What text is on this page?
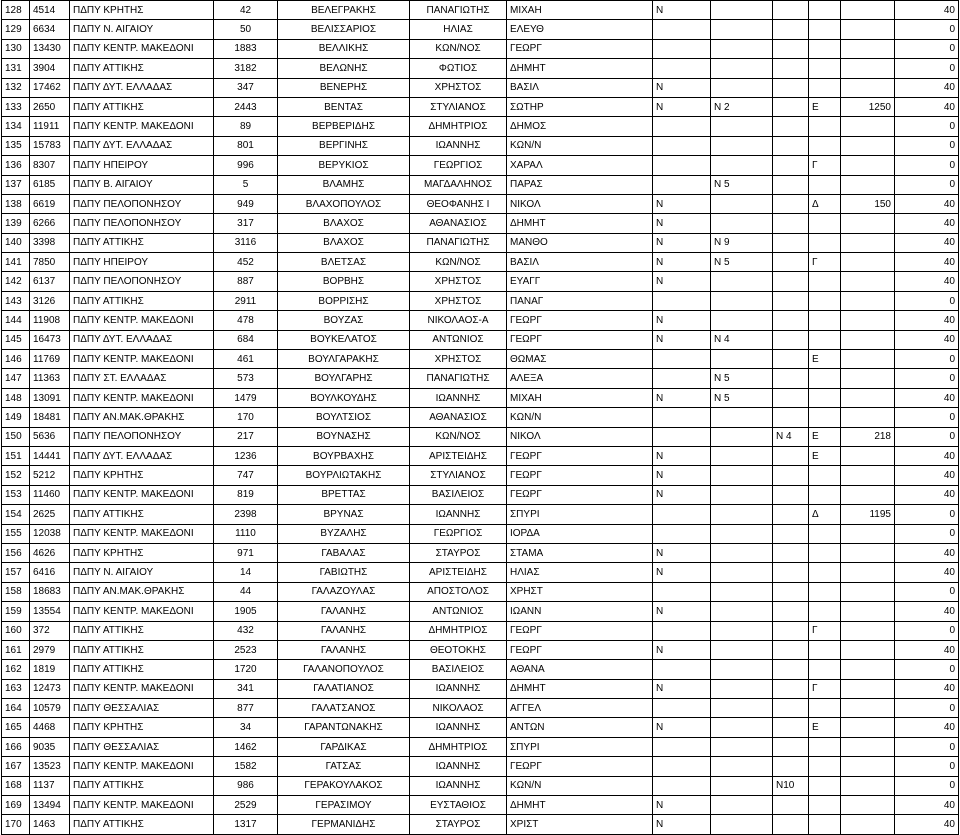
128	4514	ΠΔΠΥ ΚΡΗΤΗΣ	42	ΒΕΛΕΓΡΑΚΗΣ	ΠΑΝΑΓΙΩΤΗΣ	ΜΙΧΑΗ	Ν					40
129	6634	ΠΔΠΥ Ν. ΑΙΓΑΙΟΥ	50	ΒΕΛΙΣΣΑΡΙΟΣ	ΗΛΙΑΣ	ΕΛΕΥΘ						0
130	13430	ΠΔΠΥ ΚΕΝΤΡ. ΜΑΚΕΔΟΝΙ	1883	ΒΕΛΛΙΚΗΣ	ΚΩΝ/ΝΟΣ	ΓΕΩΡΓ						0
131	3904	ΠΔΠΥ ΑΤΤΙΚΗΣ	3182	ΒΕΛΩΝΗΣ	ΦΩΤΙΟΣ	ΔΗΜΗΤ						0
132	17462	ΠΔΠΥ ΔΥΤ. ΕΛΛΑΔΑΣ	347	ΒΕΝΕΡΗΣ	ΧΡΗΣΤΟΣ	ΒΑΣΙΛ	Ν					40
133	2650	ΠΔΠΥ ΑΤΤΙΚΗΣ	2443	ΒΕΝΤΑΣ	ΣΤΥΛΙΑΝΟΣ	ΣΩΤΗΡ	Ν	Ν 2		Ε	1250	40
134	11911	ΠΔΠΥ ΚΕΝΤΡ. ΜΑΚΕΔΟΝΙ	89	ΒΕΡΒΕΡΙΔΗΣ	ΔΗΜΗΤΡΙΟΣ	ΔΗΜΟΣ						0
135	15783	ΠΔΠΥ ΔΥΤ. ΕΛΛΑΔΑΣ	801	ΒΕΡΓΙΝΗΣ	ΙΩΑΝΝΗΣ	ΚΩΝ/Ν						0
136	8307	ΠΔΠΥ ΗΠΕΙΡΟΥ	996	ΒΕΡΥΚΙΟΣ	ΓΕΩΡΓΙΟΣ	ΧΑΡΑΛ				Γ		0
137	6185	ΠΔΠΥ Β. ΑΙΓΑΙΟΥ	5	ΒΛΑΜΗΣ	ΜΑΓΔΑΛΗΝΟΣ	ΠΑΡΑΣ		Ν 5				0
138	6619	ΠΔΠΥ ΠΕΛΟΠΟΝΗΣΟΥ	949	ΒΛΑΧΟΠΟΥΛΟΣ	ΘΕΟΦΑΝΗΣ Ι	ΝΙΚΟΛ	Ν			Δ	150	40
139	6266	ΠΔΠΥ ΠΕΛΟΠΟΝΗΣΟΥ	317	ΒΛΑΧΟΣ	ΑΘΑΝΑΣΙΟΣ	ΔΗΜΗΤ	Ν					40
140	3398	ΠΔΠΥ ΑΤΤΙΚΗΣ	3116	ΒΛΑΧΟΣ	ΠΑΝΑΓΙΩΤΗΣ	ΜΑΝΘΟ	Ν	Ν 9				40
141	7850	ΠΔΠΥ ΗΠΕΙΡΟΥ	452	ΒΛΕΤΣΑΣ	ΚΩΝ/ΝΟΣ	ΒΑΣΙΛ	Ν	Ν 5		Γ		40
142	6137	ΠΔΠΥ ΠΕΛΟΠΟΝΗΣΟΥ	887	ΒΟΡΒΗΣ	ΧΡΗΣΤΟΣ	ΕΥΑΓΓ	Ν					40
143	3126	ΠΔΠΥ ΑΤΤΙΚΗΣ	2911	ΒΟΡΡΙΣΗΣ	ΧΡΗΣΤΟΣ	ΠΑΝΑΓ						0
144	11908	ΠΔΠΥ ΚΕΝΤΡ. ΜΑΚΕΔΟΝΙ	478	ΒΟΥΖΑΣ	ΝΙΚΟΛΑΟΣ-Α	ΓΕΩΡΓ	Ν					40
145	16473	ΠΔΠΥ ΔΥΤ. ΕΛΛΑΔΑΣ	684	ΒΟΥΚΕΛΑΤΟΣ	ΑΝΤΩΝΙΟΣ	ΓΕΩΡΓ	Ν	Ν 4				40
146	11769	ΠΔΠΥ ΚΕΝΤΡ. ΜΑΚΕΔΟΝΙ	461	ΒΟΥΛΓΑΡΑΚΗΣ	ΧΡΗΣΤΟΣ	ΘΩΜΑΣ				Ε		0
147	11363	ΠΔΠΥ ΣΤ. ΕΛΛΑΔΑΣ	573	ΒΟΥΛΓΑΡΗΣ	ΠΑΝΑΓΙΩΤΗΣ	ΑΛΕΞΑ		Ν 5				0
148	13091	ΠΔΠΥ ΚΕΝΤΡ. ΜΑΚΕΔΟΝΙ	1479	ΒΟΥΛΚΟΥΔΗΣ	ΙΩΑΝΝΗΣ	ΜΙΧΑΗ	Ν	Ν 5				40
149	18481	ΠΔΠΥ ΑΝ.ΜΑΚ.ΘΡΑΚΗΣ	170	ΒΟΥΛΤΣΙΟΣ	ΑΘΑΝΑΣΙΟΣ	ΚΩΝ/Ν						0
150	5636	ΠΔΠΥ ΠΕΛΟΠΟΝΗΣΟΥ	217	ΒΟΥΝΑΣΗΣ	ΚΩΝ/ΝΟΣ	ΝΙΚΟΛ			Ν 4	Ε	218	0
151	14441	ΠΔΠΥ ΔΥΤ. ΕΛΛΑΔΑΣ	1236	ΒΟΥΡΒΑΧΗΣ	ΑΡΙΣΤΕΙΔΗΣ	ΓΕΩΡΓ	Ν			Ε		40
152	5212	ΠΔΠΥ ΚΡΗΤΗΣ	747	ΒΟΥΡΛΙΩΤΑΚΗΣ	ΣΤΥΛΙΑΝΟΣ	ΓΕΩΡΓ	Ν					40
153	11460	ΠΔΠΥ ΚΕΝΤΡ. ΜΑΚΕΔΟΝΙ	819	ΒΡΕΤΤΑΣ	ΒΑΣΙΛΕΙΟΣ	ΓΕΩΡΓ	Ν					40
154	2625	ΠΔΠΥ ΑΤΤΙΚΗΣ	2398	ΒΡΥΝΑΣ	ΙΩΑΝΝΗΣ	ΣΠΥΡΙ				Δ	1195	0
155	12038	ΠΔΠΥ ΚΕΝΤΡ. ΜΑΚΕΔΟΝΙ	1110	ΒΥΖΑΛΗΣ	ΓΕΩΡΓΙΟΣ	ΙΟΡΔΑ						0
156	4626	ΠΔΠΥ ΚΡΗΤΗΣ	971	ΓΑΒΑΛΑΣ	ΣΤΑΥΡΟΣ	ΣΤΑΜΑ	Ν					40
157	6416	ΠΔΠΥ Ν. ΑΙΓΑΙΟΥ	14	ΓΑΒΙΩΤΗΣ	ΑΡΙΣΤΕΙΔΗΣ	ΗΛΙΑΣ	Ν					40
158	18683	ΠΔΠΥ ΑΝ.ΜΑΚ.ΘΡΑΚΗΣ	44	ΓΑΛΑΖΟΥΛΑΣ	ΑΠΟΣΤΟΛΟΣ	ΧΡΗΣΤ						0
159	13554	ΠΔΠΥ ΚΕΝΤΡ. ΜΑΚΕΔΟΝΙ	1905	ΓΑΛΑΝΗΣ	ΑΝΤΩΝΙΟΣ	ΙΩΑΝΝ	Ν					40
160	372	ΠΔΠΥ ΑΤΤΙΚΗΣ	432	ΓΑΛΑΝΗΣ	ΔΗΜΗΤΡΙΟΣ	ΓΕΩΡΓ				Γ		0
161	2979	ΠΔΠΥ ΑΤΤΙΚΗΣ	2523	ΓΑΛΑΝΗΣ	ΘΕΟΤΟΚΗΣ	ΓΕΩΡΓ	Ν					40
162	1819	ΠΔΠΥ ΑΤΤΙΚΗΣ	1720	ΓΑΛΑΝΟΠΟΥΛΟΣ	ΒΑΣΙΛΕΙΟΣ	ΑΘΑΝΑ						0
163	12473	ΠΔΠΥ ΚΕΝΤΡ. ΜΑΚΕΔΟΝΙ	341	ΓΑΛΑΤΙΑΝΟΣ	ΙΩΑΝΝΗΣ	ΔΗΜΗΤ	Ν			Γ		40
164	10579	ΠΔΠΥ ΘΕΣΣΑΛΙΑΣ	877	ΓΑΛΑΤΣΑΝΟΣ	ΝΙΚΟΛΑΟΣ	ΑΓΓΕΛ						0
165	4468	ΠΔΠΥ ΚΡΗΤΗΣ	34	ΓΑΡΑΝΤΩΝΑΚΗΣ	ΙΩΑΝΝΗΣ	ΑΝΤΩΝ	Ν			Ε		40
166	9035	ΠΔΠΥ ΘΕΣΣΑΛΙΑΣ	1462	ΓΑΡΔΙΚΑΣ	ΔΗΜΗΤΡΙΟΣ	ΣΠΥΡΙ						0
167	13523	ΠΔΠΥ ΚΕΝΤΡ. ΜΑΚΕΔΟΝΙ	1582	ΓΑΤΣΑΣ	ΙΩΑΝΝΗΣ	ΓΕΩΡΓ						0
168	1137	ΠΔΠΥ ΑΤΤΙΚΗΣ	986	ΓΕΡΑΚΟΥΛΑΚΟΣ	ΙΩΑΝΝΗΣ	ΚΩΝ/Ν			Ν10			0
169	13494	ΠΔΠΥ ΚΕΝΤΡ. ΜΑΚΕΔΟΝΙ	2529	ΓΕΡΑΣΙΜΟΥ	ΕΥΣΤΑΘΙΟΣ	ΔΗΜΗΤ	Ν					40
170	1463	ΠΔΠΥ ΑΤΤΙΚΗΣ	1317	ΓΕΡΜΑΝΙΔΗΣ	ΣΤΑΥΡΟΣ	ΧΡΙΣΤ	Ν					40
